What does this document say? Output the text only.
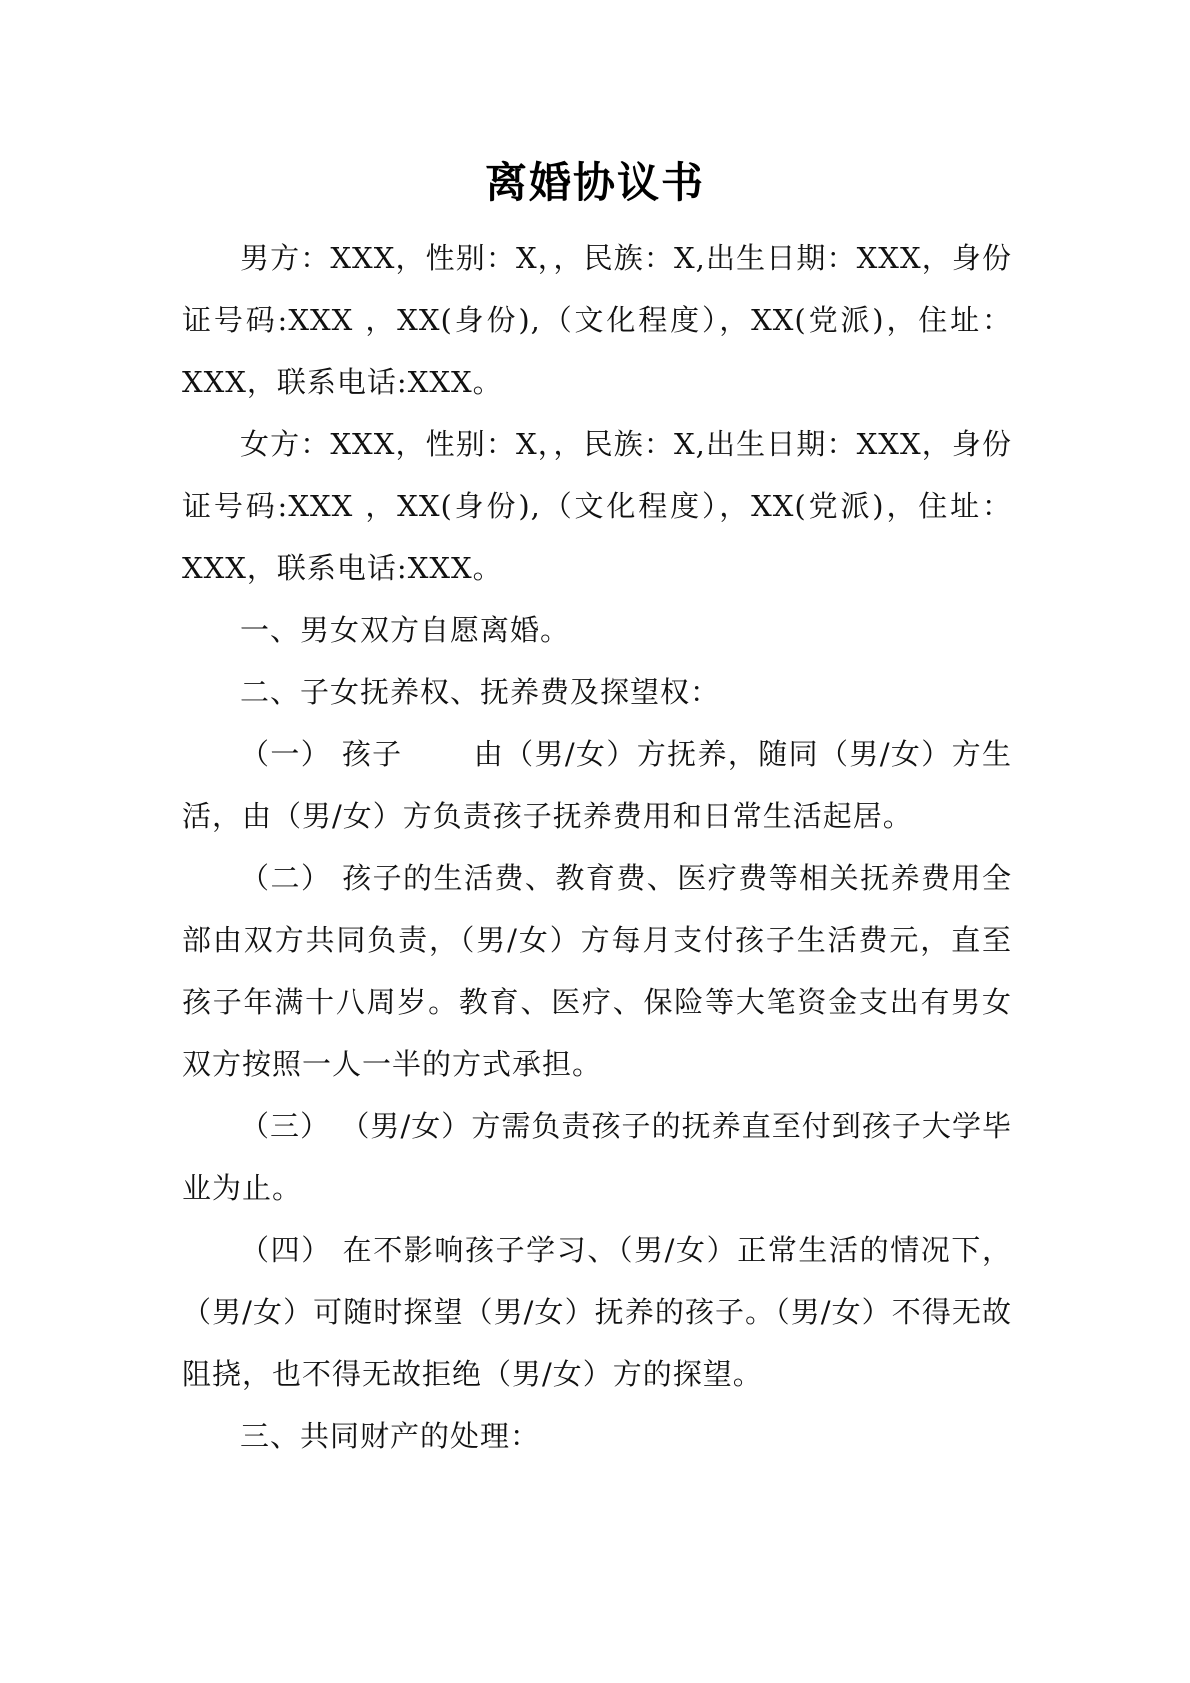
离婚协议书

男方：XXX，性别：X，，民族：X,出生日期：XXX，身份证号码:XXX ，XX(身份),（文化程度），XX(党派)，住址：XXX，联系电话:XXX。

女方：XXX，性别：X，，民族：X,出生日期：XXX，身份证号码:XXX ，XX(身份),（文化程度），XX(党派)，住址：XXX，联系电话:XXX。

一、男女双方自愿离婚。

二、子女抚养权、抚养费及探望权：

（一） 孩子　　 由（男/女）方抚养，随同（男/女）方生活，由（男/女）方负责孩子抚养费用和日常生活起居。

（二） 孩子的生活费、教育费、医疗费等相关抚养费用全部由双方共同负责，（男/女）方每月支付孩子生活费元，直至孩子年满十八周岁。教育、医疗、保险等大笔资金支出有男女双方按照一人一半的方式承担。

（三） （男/女）方需负责孩子的抚养直至付到孩子大学毕业为止。

（四） 在不影响孩子学习、（男/女）正常生活的情况下，（男/女）可随时探望（男/女）抚养的孩子。（男/女）不得无故阻挠，也不得无故拒绝（男/女）方的探望。

三、共同财产的处理：
